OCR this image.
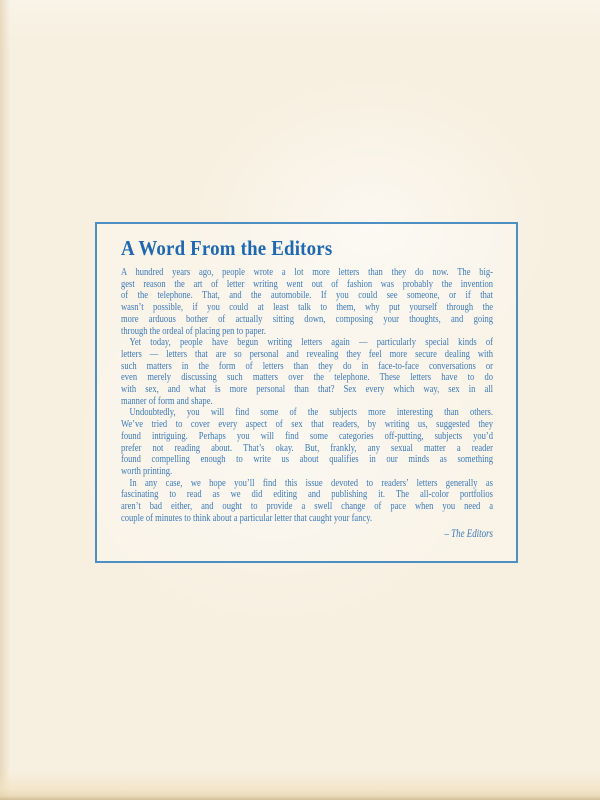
A Word From the Editors
A hundred years ago, people wrote a lot more letters than they do now. The big-
gest reason the art of letter writing went out of fashion was probably the invention
of the telephone. That, and the automobile. If you could see someone, or if that
wasn’t possible, if you could at least talk to them, why put yourself through the
more arduous bother of actually sitting down, composing your thoughts, and going
through the ordeal of placing pen to paper.
Yet today, people have begun writing letters again — particularly special kinds of
letters — letters that are so personal and revealing they feel more secure dealing with
such matters in the form of letters than they do in face-to-face conversations or
even merely discussing such matters over the telephone. These letters have to do
with sex, and what is more personal than that? Sex every which way, sex in all
manner of form and shape.
Undoubtedly, you will find some of the subjects more interesting than others.
We’ve tried to cover every aspect of sex that readers, by writing us, suggested they
found intriguing. Perhaps you will find some categories off-putting, subjects you’d
prefer not reading about. That’s okay. But, frankly, any sexual matter a reader
found compelling enough to write us about qualifies in our minds as something
worth printing.
In any case, we hope you’ll find this issue devoted to readers’ letters generally as
fascinating to read as we did editing and publishing it. The all-color portfolios
aren’t bad either, and ought to provide a swell change of pace when you need a
couple of minutes to think about a particular letter that caught your fancy.
– The Editors
